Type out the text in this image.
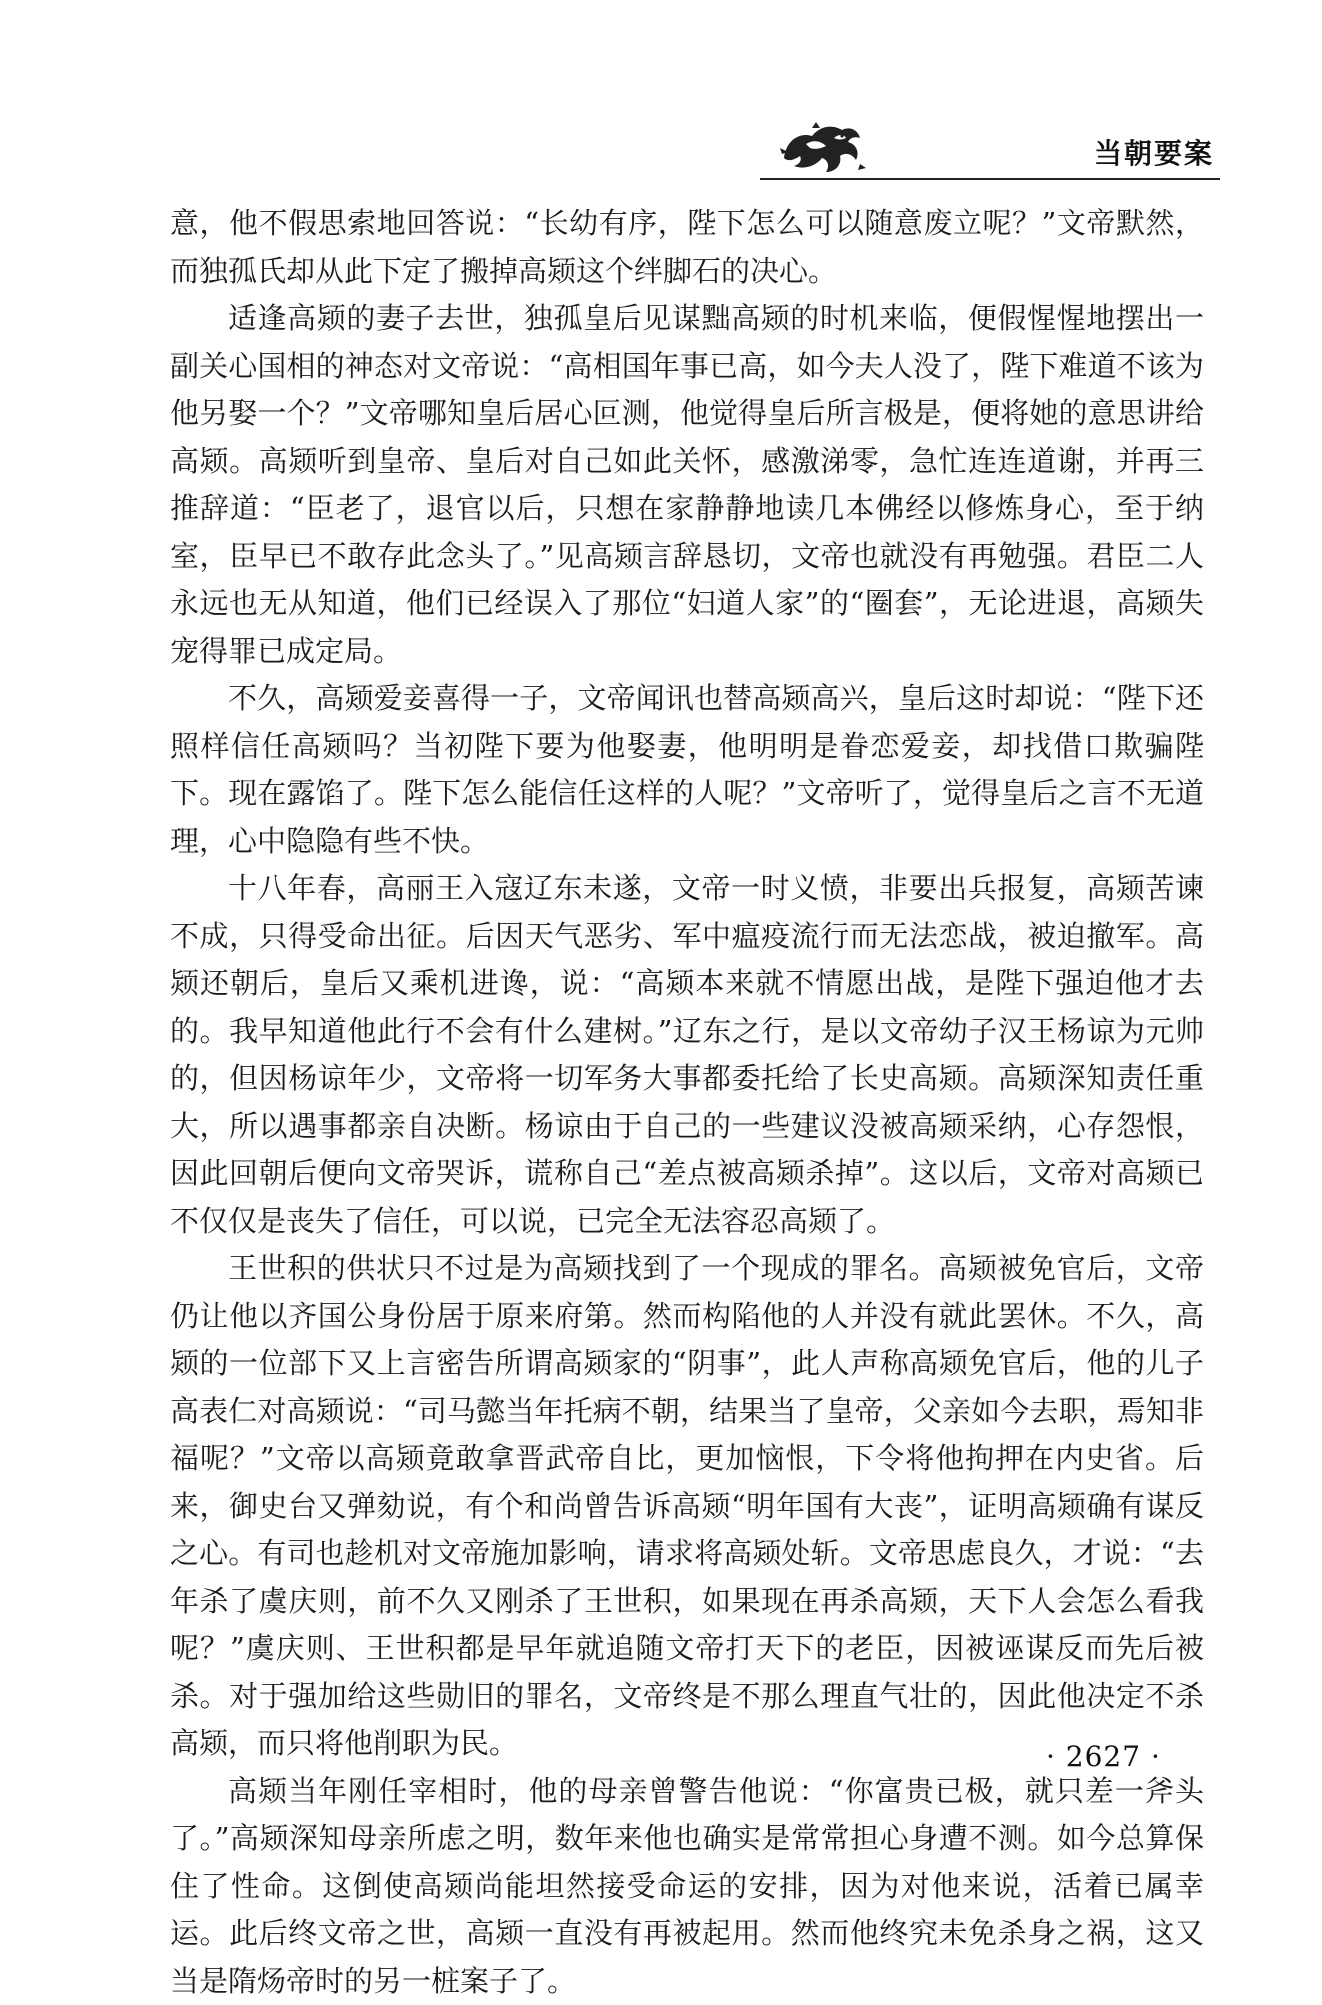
当朝要案

意，他不假思索地回答说：“长幼有序，陛下怎么可以随意废立呢？”文帝默然，而独孤氏却从此下定了搬掉高颎这个绊脚石的决心。

适逢高颎的妻子去世，独孤皇后见谋黜高颎的时机来临，便假惺惺地摆出一副关心国相的神态对文帝说：“高相国年事已高，如今夫人没了，陛下难道不该为他另娶一个？”文帝哪知皇后居心叵测，他觉得皇后所言极是，便将她的意思讲给高颎。高颎听到皇帝、皇后对自己如此关怀，感激涕零，急忙连连道谢，并再三推辞道：“臣老了，退官以后，只想在家静静地读几本佛经以修炼身心，至于纳室，臣早已不敢存此念头了。”见高颎言辞恳切，文帝也就没有再勉强。君臣二人永远也无从知道，他们已经误入了那位“妇道人家”的“圈套”，无论进退，高颎失宠得罪已成定局。

不久，高颎爱妾喜得一子，文帝闻讯也替高颎高兴，皇后这时却说：“陛下还照样信任高颎吗？当初陛下要为他娶妻，他明明是眷恋爱妾，却找借口欺骗陛下。现在露馅了。陛下怎么能信任这样的人呢？”文帝听了，觉得皇后之言不无道理，心中隐隐有些不快。

十八年春，高丽王入寇辽东未遂，文帝一时义愤，非要出兵报复，高颎苦谏不成，只得受命出征。后因天气恶劣、军中瘟疫流行而无法恋战，被迫撤军。高颎还朝后，皇后又乘机进谗，说：“高颎本来就不情愿出战，是陛下强迫他才去的。我早知道他此行不会有什么建树。”辽东之行，是以文帝幼子汉王杨谅为元帅的，但因杨谅年少，文帝将一切军务大事都委托给了长史高颎。高颎深知责任重大，所以遇事都亲自决断。杨谅由于自己的一些建议没被高颎采纳，心存怨恨，因此回朝后便向文帝哭诉，谎称自己“差点被高颎杀掉”。这以后，文帝对高颎已不仅仅是丧失了信任，可以说，已完全无法容忍高颎了。

王世积的供状只不过是为高颎找到了一个现成的罪名。高颎被免官后，文帝仍让他以齐国公身份居于原来府第。然而构陷他的人并没有就此罢休。不久，高颎的一位部下又上言密告所谓高颎家的“阴事”，此人声称高颎免官后，他的儿子高表仁对高颎说：“司马懿当年托病不朝，结果当了皇帝，父亲如今去职，焉知非福呢？”文帝以高颎竟敢拿晋武帝自比，更加恼恨，下令将他拘押在内史省。后来，御史台又弹劾说，有个和尚曾告诉高颎“明年国有大丧”，证明高颎确有谋反之心。有司也趁机对文帝施加影响，请求将高颎处斩。文帝思虑良久，才说：“去年杀了虞庆则，前不久又刚杀了王世积，如果现在再杀高颎，天下人会怎么看我呢？”虞庆则、王世积都是早年就追随文帝打天下的老臣，因被诬谋反而先后被杀。对于强加给这些勋旧的罪名，文帝终是不那么理直气壮的，因此他决定不杀高颎，而只将他削职为民。

高颎当年刚任宰相时，他的母亲曾警告他说：“你富贵已极，就只差一斧头了。”高颎深知母亲所虑之明，数年来他也确实是常常担心身遭不测。如今总算保住了性命。这倒使高颎尚能坦然接受命运的安排，因为对他来说，活着已属幸运。此后终文帝之世，高颎一直没有再被起用。然而他终究未免杀身之祸，这又当是隋炀帝时的另一桩案子了。

· 2627 ·
